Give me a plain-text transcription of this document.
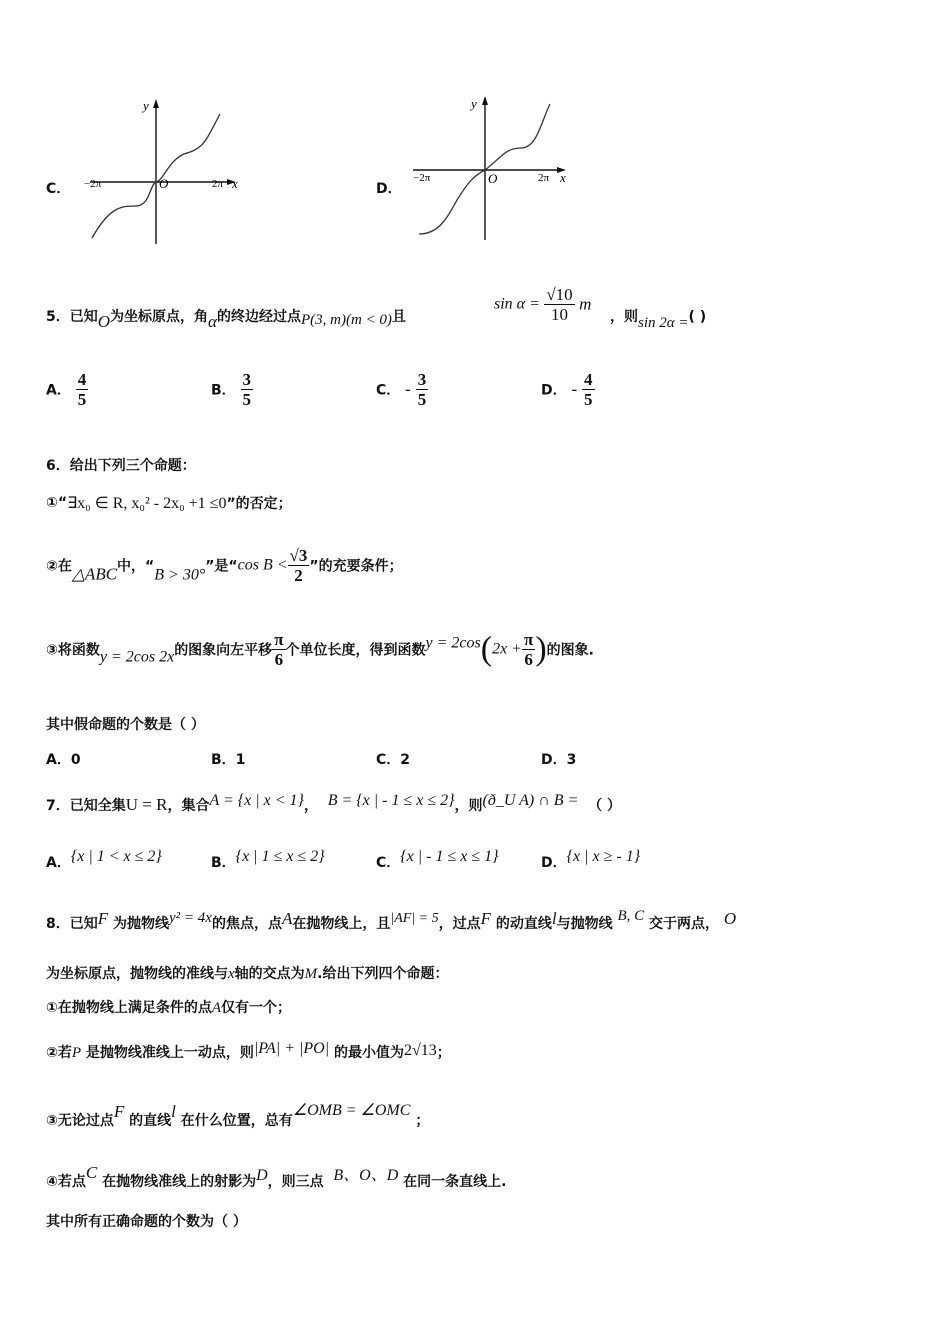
C．
y
x
O
−2π	2π	D．
y
x
O
−2π	2π
5．已知O为坐标原点，角α的终边经过点P(3, m)(m < 0)且
$\sin \alpha = \frac{√10}{10}$ m
，则sin 2α =( )
A． $\frac{4}{5}$	B． $\frac{3}{5}$	C． - $\frac{3}{5}$	D． - $\frac{4}{5}$
6．给出下列三个命题：
①“∃x₀ ∈ R, x₀² - 2x₀ +1 ≤0”的否定；
②在△ABC中，“B > 30°”是“cos $B < \frac{√3}{2}$ ”的充要条件；
③将函数y = 2cos 2x的图象向左平移 $\frac{\pi}{6}$ 个单位长度，得到函数$y = 2\cos(2x + \frac{\pi}{6}$ )的图象.
其中假命题的个数是（ ）
A．0	B．1	C．2	D．3
7．已知全集U = R，集合A = {x | x < 1}， B = {x | - 1 ≤ x ≤ 2}，则(ð_U A) ∩ B = （ ）
A．{x | 1 < x ≤ 2}	B．{x | 1 ≤ x ≤ 2}	C．{x | - 1 ≤ x ≤ 1}	D．{x | x ≥ - 1}
8．已知F 为抛物线y² = 4x的焦点，点A在抛物线上，且|AF| = 5，过点F 的动直线l与抛物线 B, C 交于两点， O
为坐标原点，抛物线的准线与x轴的交点为M.给出下列四个命题：
①在抛物线上满足条件的点A仅有一个；
②若P 是抛物线准线上一动点，则|PA| + |PO| 的最小值为2√13；
③无论过点F 的直线l 在什么位置，总有∠OMB = ∠OMC ；
④若点C 在抛物线准线上的射影为D，则三点 B、O、D 在同一条直线上.
其中所有正确命题的个数为（ ）
